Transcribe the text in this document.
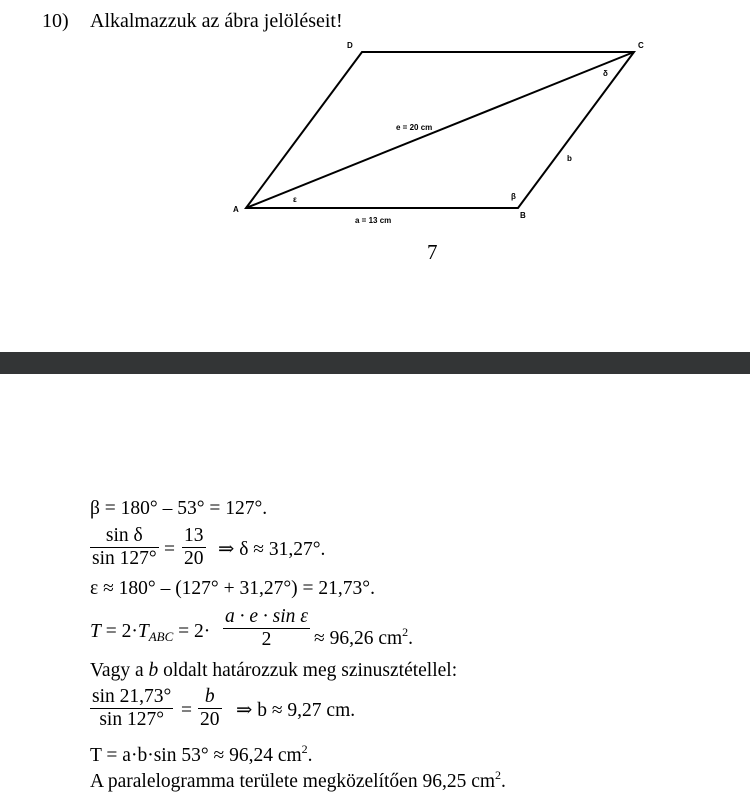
10) Alkalmazzuk az ábra jelöléseit!
A
B
C
D
e = 20 cm
a = 13 cm
b
β
ε
δ
7
β = 180° – 53° = 127°.
sin δ
sin 127° =
13
20 ⇒ δ ≈ 31,27°.
ε ≈ 180° – (127° + 31,27°) = 21,73°.
$T = 2\cdot T_{ABC} = 2\cdot$
a · e · sin ε
2	≈ 96,26 $cm^2$.
Vagy a b oldalt határozzuk meg szinusztétellel:
sin 21,73°
sin 127° =
b
20 ⇒ b ≈ 9,27 cm.
T = a·b·sin 53° ≈ 96,24 $cm^2$.
A paralelogramma területe megközelítően 96,25 $cm^2$.
